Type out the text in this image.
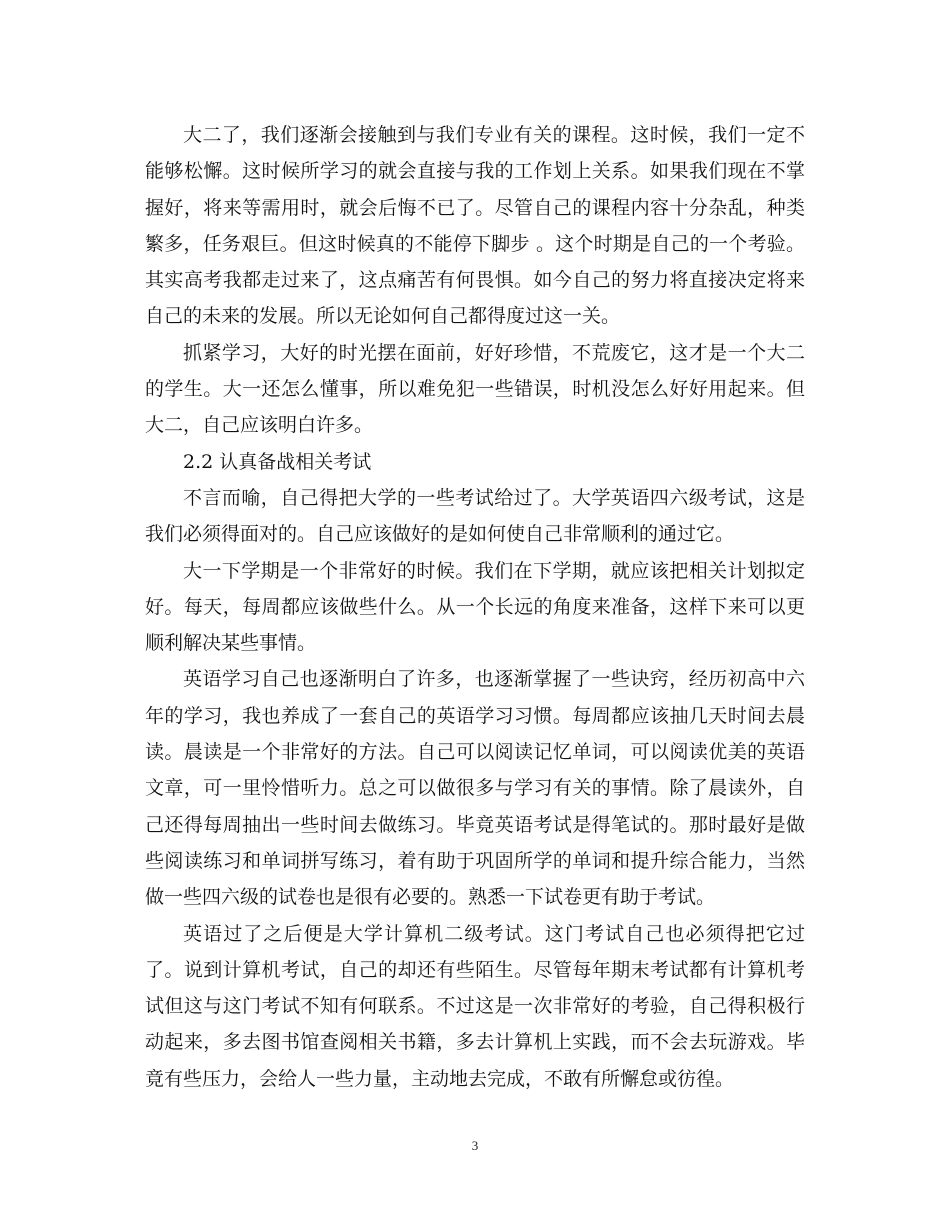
大二了，我们逐渐会接触到与我们专业有关的课程。这时候，我们一定不能够松懈。这时候所学习的就会直接与我的工作划上关系。如果我们现在不掌握好，将来等需用时，就会后悔不已了。尽管自己的课程内容十分杂乱，种类繁多，任务艰巨。但这时候真的不能停下脚步 。这个时期是自己的一个考验。其实高考我都走过来了，这点痛苦有何畏惧。如今自己的努力将直接决定将来自己的未来的发展。所以无论如何自己都得度过这一关。

抓紧学习，大好的时光摆在面前，好好珍惜，不荒废它，这才是一个大二的学生。大一还怎么懂事，所以难免犯一些错误，时机没怎么好好用起来。但大二，自己应该明白许多。

2.2 认真备战相关考试

不言而喻，自己得把大学的一些考试给过了。大学英语四六级考试，这是我们必须得面对的。自己应该做好的是如何使自己非常顺利的通过它。

大一下学期是一个非常好的时候。我们在下学期，就应该把相关计划拟定好。每天，每周都应该做些什么。从一个长远的角度来准备，这样下来可以更顺利解决某些事情。

英语学习自己也逐渐明白了许多，也逐渐掌握了一些诀窍，经历初高中六年的学习，我也养成了一套自己的英语学习习惯。每周都应该抽几天时间去晨读。晨读是一个非常好的方法。自己可以阅读记忆单词，可以阅读优美的英语文章，可一里怜惜听力。总之可以做很多与学习有关的事情。除了晨读外，自己还得每周抽出一些时间去做练习。毕竟英语考试是得笔试的。那时最好是做些阅读练习和单词拼写练习，着有助于巩固所学的单词和提升综合能力，当然做一些四六级的试卷也是很有必要的。熟悉一下试卷更有助于考试。

英语过了之后便是大学计算机二级考试。这门考试自己也必须得把它过了。说到计算机考试，自己的却还有些陌生。尽管每年期末考试都有计算机考试但这与这门考试不知有何联系。不过这是一次非常好的考验，自己得积极行动起来，多去图书馆查阅相关书籍，多去计算机上实践，而不会去玩游戏。毕竟有些压力，会给人一些力量，主动地去完成，不敢有所懈怠或彷徨。

3
